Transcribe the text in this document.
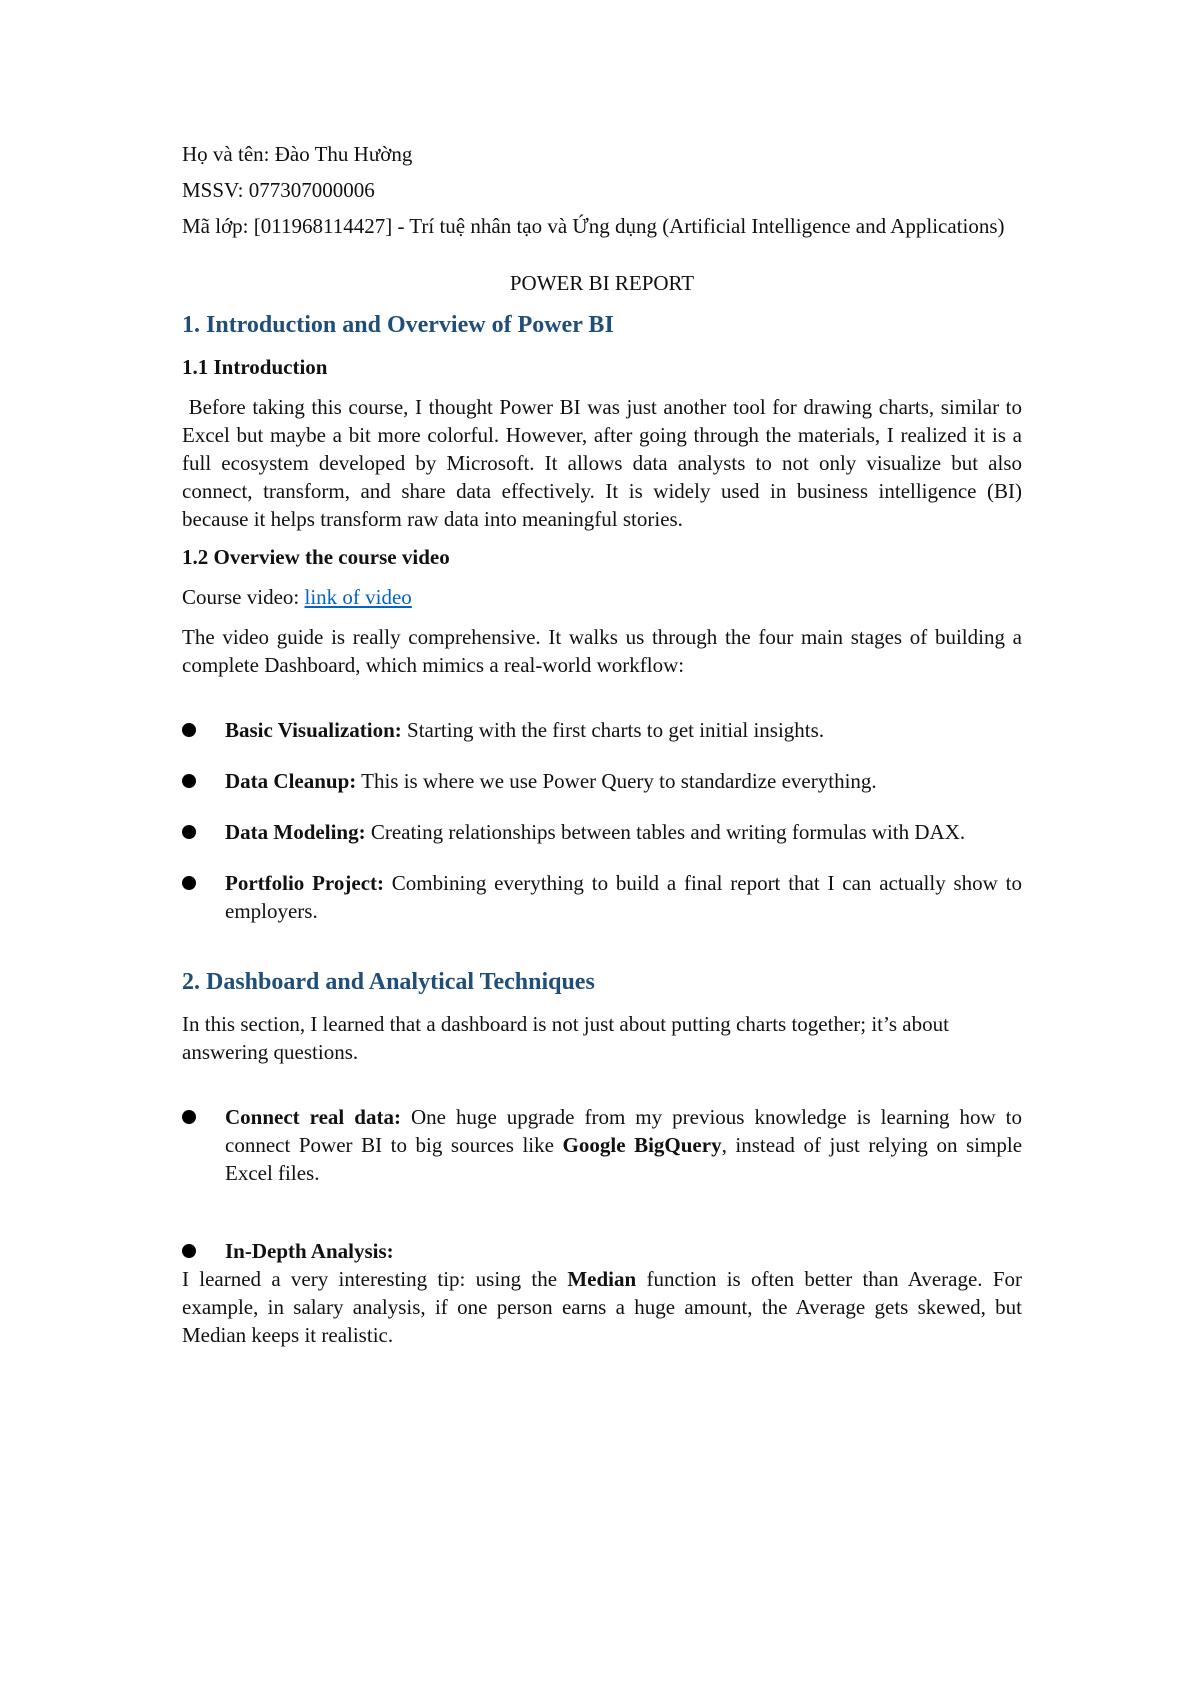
Họ và tên: Đào Thu Hường

MSSV: 077307000006

Mã lớp: [011968114427] - Trí tuệ nhân tạo và Ứng dụng (Artificial Intelligence and Applications)

POWER BI REPORT

1. Introduction and Overview of Power BI
1.1 Introduction

Before taking this course, I thought Power BI was just another tool for drawing charts, similar to Excel but maybe a bit more colorful. However, after going through the materials, I realized it is a full ecosystem developed by Microsoft. It allows data analysts to not only visualize but also connect, transform, and share data effectively. It is widely used in business intelligence (BI) because it helps transform raw data into meaningful stories.

1.2 Overview the course video

Course video: link of video

The video guide is really comprehensive. It walks us through the four main stages of building a complete Dashboard, which mimics a real-world workflow:

Basic Visualization: Starting with the first charts to get initial insights.

Data Cleanup: This is where we use Power Query to standardize everything.

Data Modeling: Creating relationships between tables and writing formulas with DAX.

Portfolio Project: Combining everything to build a final report that I can actually show to employers.

2. Dashboard and Analytical Techniques

In this section, I learned that a dashboard is not just about putting charts together; it’s about answering questions.

Connect real data: One huge upgrade from my previous knowledge is learning how to connect Power BI to big sources like Google BigQuery, instead of just relying on simple Excel files.

In-Depth Analysis:

I learned a very interesting tip: using the Median function is often better than Average. For example, in salary analysis, if one person earns a huge amount, the Average gets skewed, but Median keeps it realistic.
